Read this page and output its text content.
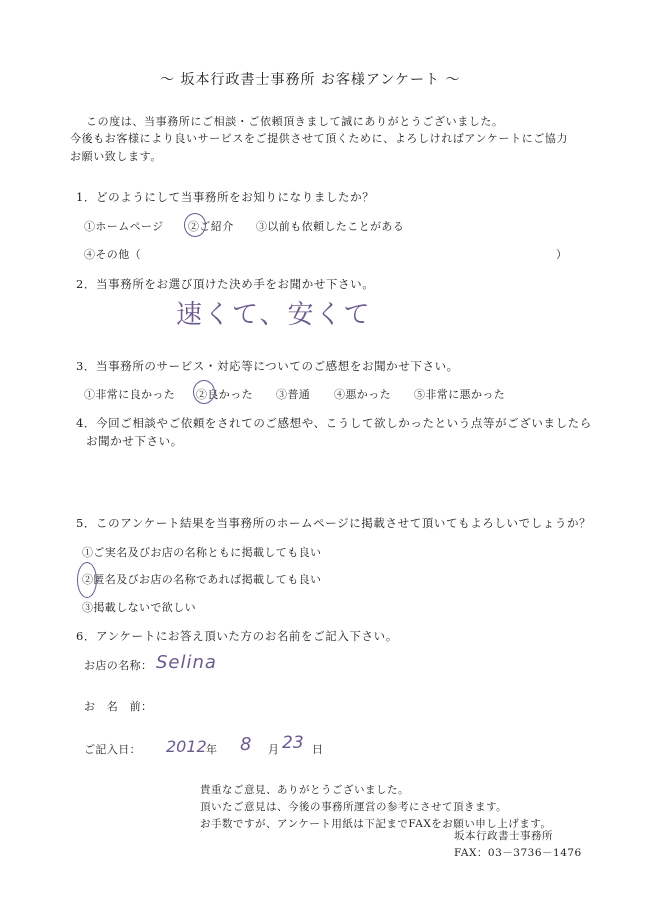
〜 坂本行政書士事務所 お客様アンケート 〜
この度は、当事務所にご相談・ご依頼頂きまして誠にありがとうございました。
今後もお客様により良いサービスをご提供させて頂くために、よろしければアンケートにご協力
お願い致します。
1．どのようにして当事務所をお知りになりましたか？
①ホームページ ②ご紹介 ③以前も依頼したことがある
④その他（	）
2．当事務所をお選び頂けた決め手をお聞かせ下さい。
速くて、安くて
3．当事務所のサービス・対応等についてのご感想をお聞かせ下さい。
①非常に良かった ②良かった ③普通 ④悪かった ⑤非常に悪かった
4．今回ご相談やご依頼をされてのご感想や、こうして欲しかったという点等がございましたら
お聞かせ下さい。
5．このアンケート結果を当事務所のホームページに掲載させて頂いてもよろしいでしょうか？
①ご実名及びお店の名称ともに掲載しても良い
②匿名及びお店の名称であれば掲載しても良い
③掲載しないで欲しい
6．アンケートにお答え頂いた方のお名前をご記入下さい。
お店の名称： Selina
お　名　前：
ご記入日： 2012 年 8 月 23 日
貴重なご意見、ありがとうございました。
頂いたご意見は、今後の事務所運営の参考にさせて頂きます。
お手数ですが、アンケート用紙は下記までFAXをお願い申し上げます。
坂本行政書士事務所
FAX：03－3736－1476
